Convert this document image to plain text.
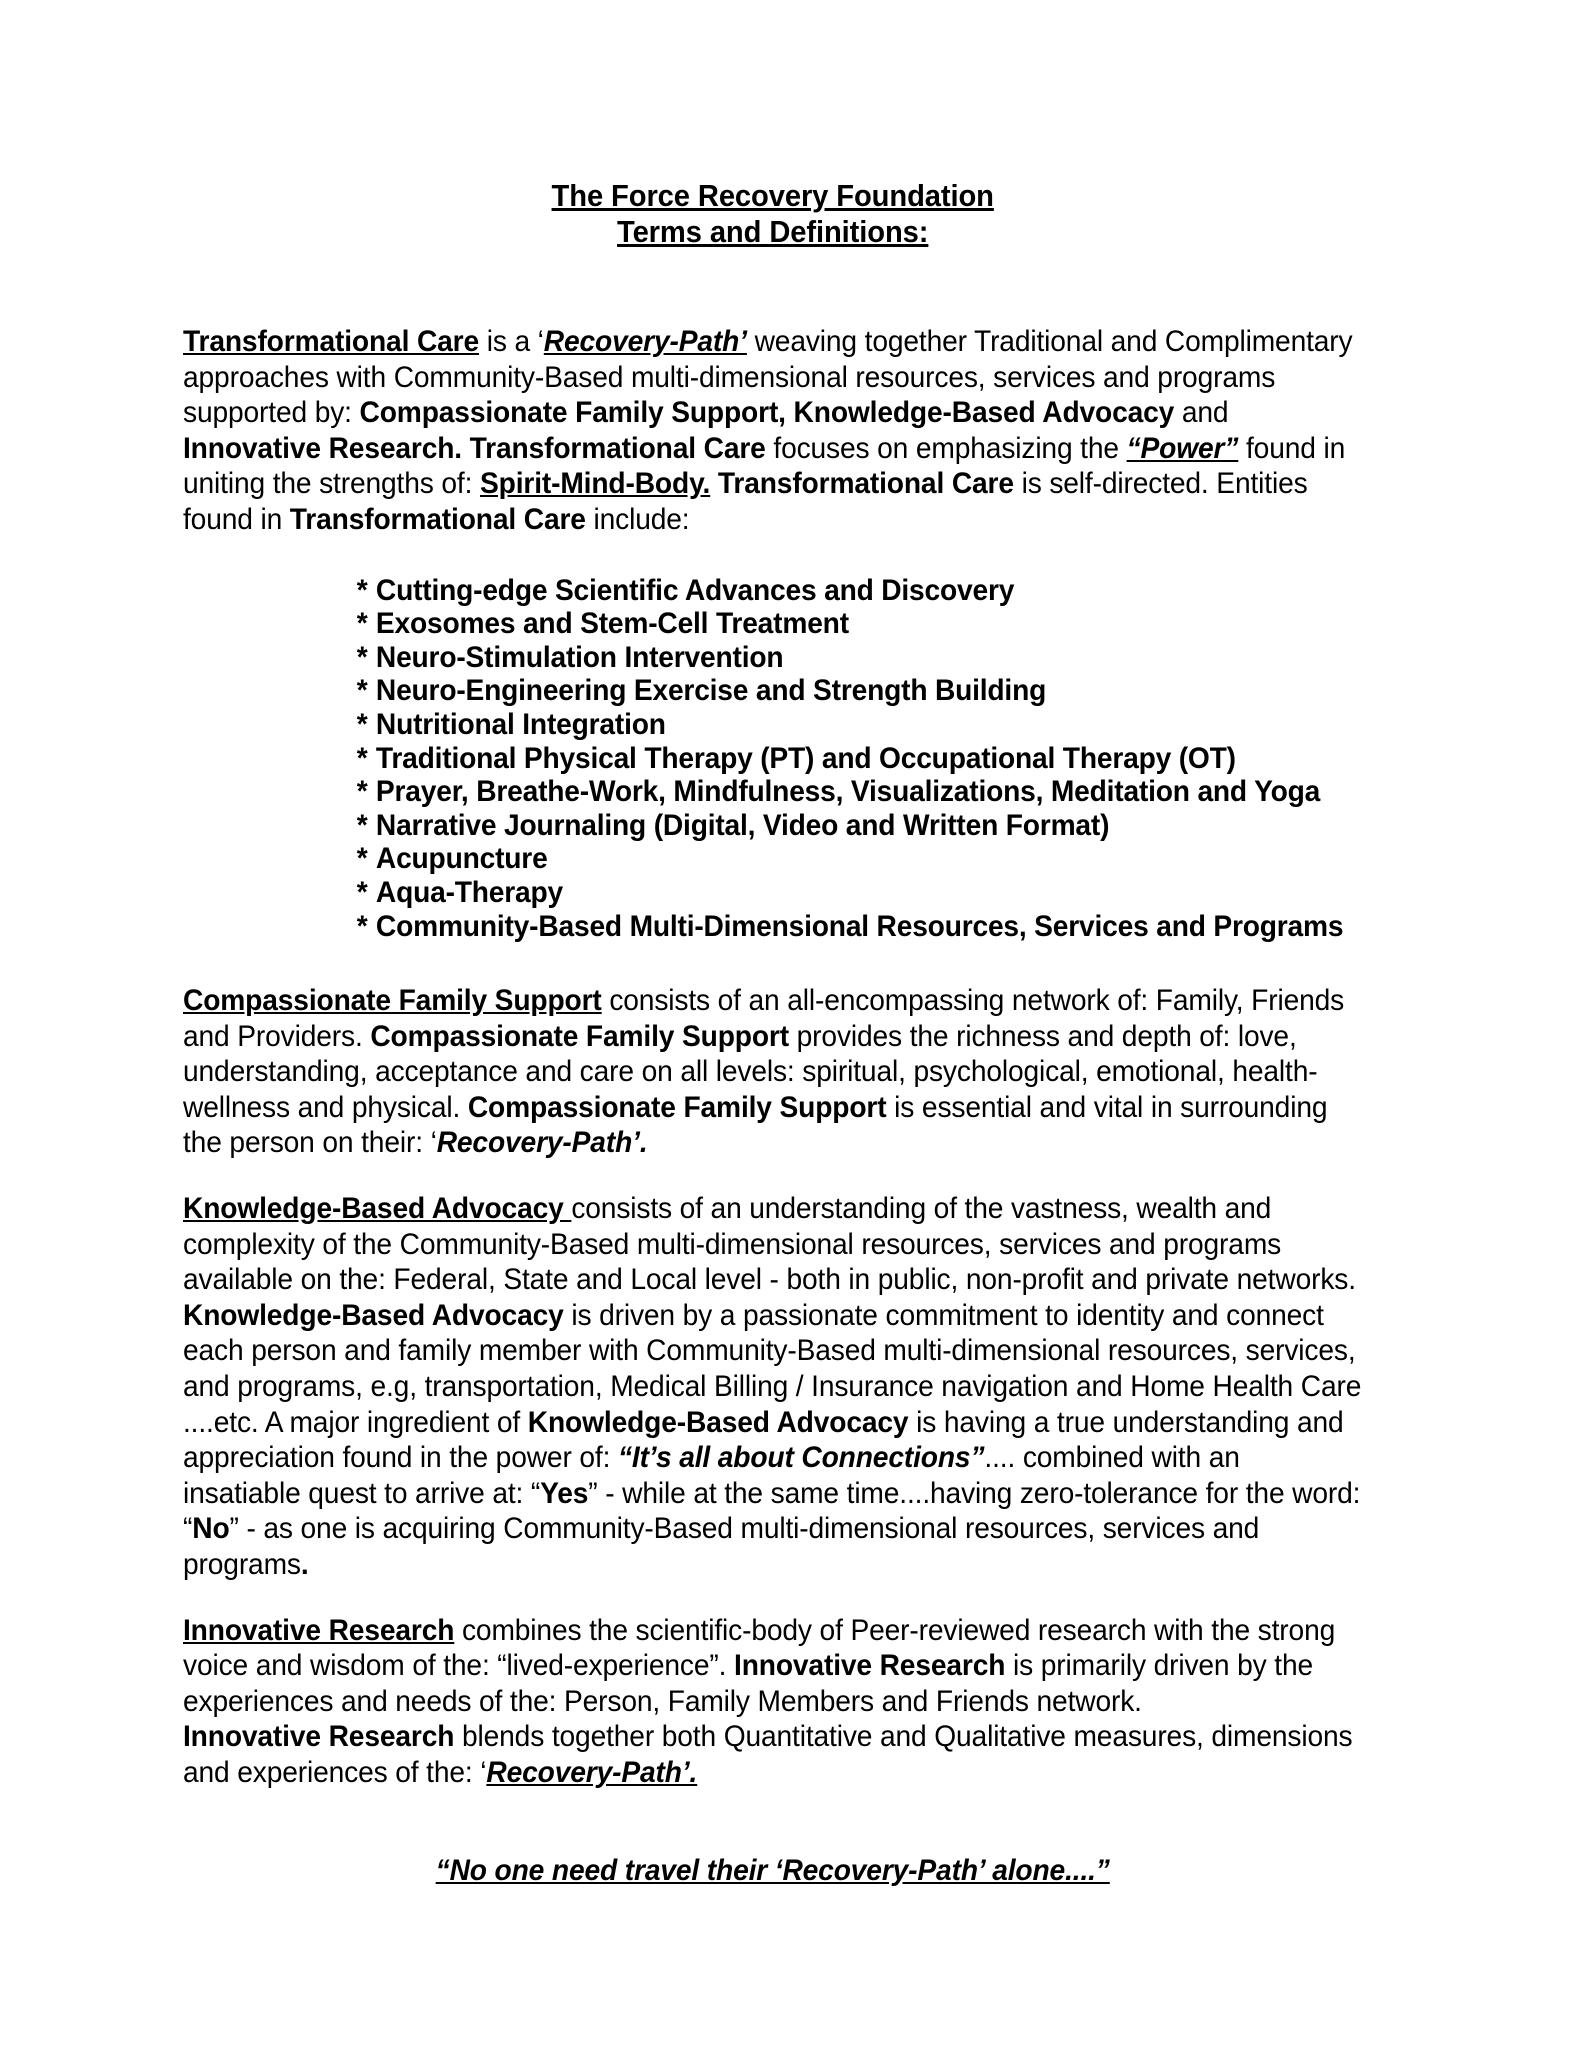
The Force Recovery Foundation
Terms and Definitions:

Transformational Care is a ‘Recovery-Path’ weaving together Traditional and Complimentary approaches with Community-Based multi-dimensional resources, services and programs supported by: Compassionate Family Support, Knowledge-Based Advocacy and Innovative Research. Transformational Care focuses on emphasizing the “Power” found in uniting the strengths of: Spirit-Mind-Body. Transformational Care is self-directed. Entities found in Transformational Care include:

* Cutting-edge Scientific Advances and Discovery
* Exosomes and Stem-Cell Treatment
* Neuro-Stimulation Intervention
* Neuro-Engineering Exercise and Strength Building
* Nutritional Integration
* Traditional Physical Therapy (PT) and Occupational Therapy (OT)
* Prayer, Breathe-Work, Mindfulness, Visualizations, Meditation and Yoga
* Narrative Journaling (Digital, Video and Written Format)
* Acupuncture
* Aqua-Therapy
* Community-Based Multi-Dimensional Resources, Services and Programs

Compassionate Family Support consists of an all-encompassing network of: Family, Friends and Providers. Compassionate Family Support provides the richness and depth of: love, understanding, acceptance and care on all levels: spiritual, psychological, emotional, health-wellness and physical. Compassionate Family Support is essential and vital in surrounding the person on their: ‘Recovery-Path’.

Knowledge-Based Advocacy consists of an understanding of the vastness, wealth and complexity of the Community-Based multi-dimensional resources, services and programs available on the: Federal, State and Local level - both in public, non-profit and private networks. Knowledge-Based Advocacy is driven by a passionate commitment to identity and connect each person and family member with Community-Based multi-dimensional resources, services, and programs, e.g, transportation, Medical Billing / Insurance navigation and Home Health Care ....etc. A major ingredient of Knowledge-Based Advocacy is having a true understanding and appreciation found in the power of: “It’s all about Connections”.... combined with an insatiable quest to arrive at: “Yes” - while at the same time....having zero-tolerance for the word: “No” - as one is acquiring Community-Based multi-dimensional resources, services and programs.

Innovative Research combines the scientific-body of Peer-reviewed research with the strong voice and wisdom of the: “lived-experience”. Innovative Research is primarily driven by the experiences and needs of the: Person, Family Members and Friends network.
Innovative Research blends together both Quantitative and Qualitative measures, dimensions and experiences of the: ‘Recovery-Path’.

“No one need travel their ‘Recovery-Path’ alone....”
